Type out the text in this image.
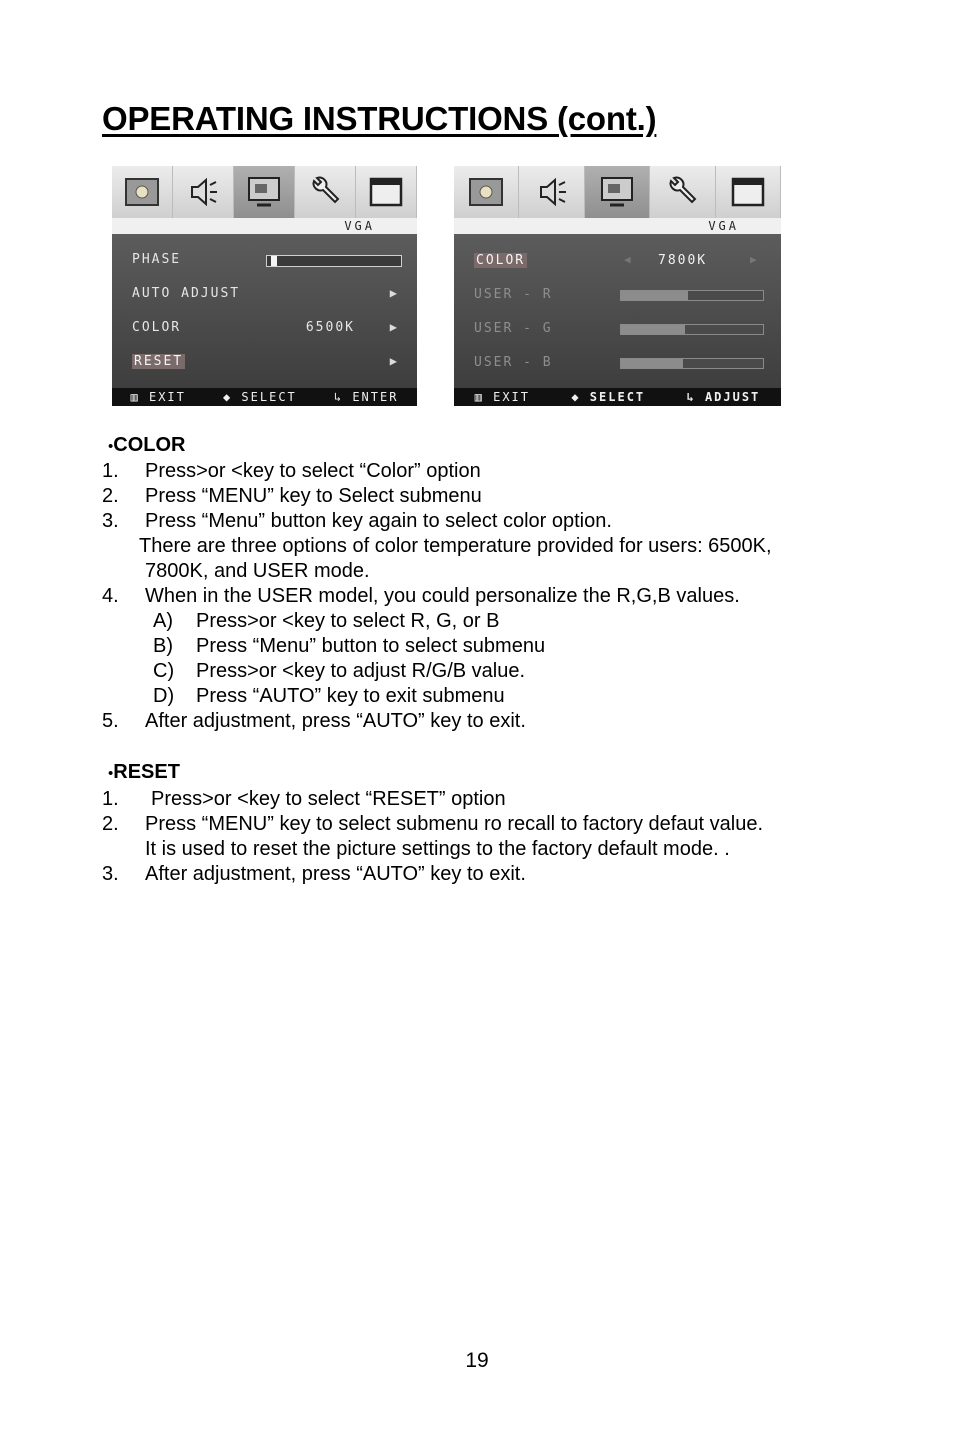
OPERATING INSTRUCTIONS (cont.)
VGA
PHASE
AUTO ADJUST	▶
COLOR	6500K	▶
RESET	▶
▥ EXIT	◆ SELECT	↳ ENTER
VGA
COLOR	◀ 7800K	▶
USER - R
USER - G
USER - B
▥ EXIT	◆ SELECT	↳ ADJUST
•COLOR
1. Press>or <key to select “Color” option
2. Press “MENU” key to Select submenu
3. Press “Menu” button key again to select color option.
There are three options of color temperature provided for users: 6500K,
7800K, and USER mode.
4. When in the USER model, you could personalize the R,G,B values.
A) Press>or <key to select R, G, or B
B) Press “Menu” button to select submenu
C) Press>or <key to adjust R/G/B value.
D) Press “AUTO” key to exit submenu
5. After adjustment, press “AUTO” key to exit.
•RESET
1. Press>or <key to select “RESET” option
2. Press “MENU” key to select submenu ro recall to factory defaut value.
It is used to reset the picture settings to the factory default mode. .
3. After adjustment, press “AUTO” key to exit.
19
